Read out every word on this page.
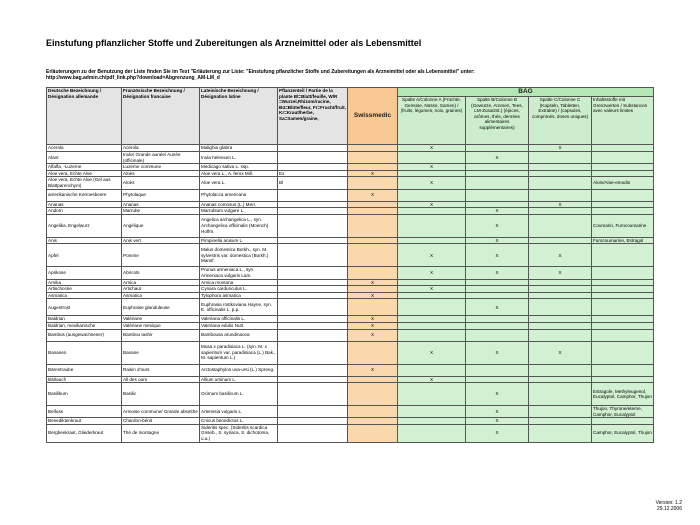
Einstufung pflanzlicher Stoffe und Zubereitungen als Arzneimittel oder als Lebensmittel
Erläuterungen zu der Benutzung der Liste finden Sie im Text "Erläuterung zur Liste: "Einstufung pflanzlicher Stoffe und Zubereitungen als Arzneimittel oder als Lebensmittel" unter:
http://www.bag.admin.ch/pdf_link.php?download=Abgrenzung_AM-LM_d
Deutsche Bezeichnung / Désignation allemande	Französische Bezeichnung / Désignation francaise	Lateinische Bezeichnung / Désignation latine	Pflanzenteil / Partie de la plante Bl=Blatt/feuille, W/R =Wurzel,Rhizom/racine, Bü=Blüte/fleur, Fr=Frucht/fruit, Kr=Kraut/herbe, Sa=Samen/graine,	Swissmedic	BAG			
					Spalte A/Colonne A (Früchte, Gemüse, Nüsse, Samen) / (fruits, légumes, noix, graines)	Spalte B/Colonne B (Gewürze, Aromen, Tees, LM-Zusatzst.) (épices, arômes, thés, denrées alimentaires supplémentaires)	Spalte C/Colonne C (Kapseln, Tabletten, Extrakte) / (capsules, comprimés, doses uniques)	Inhaltsstoffe mit Grenzwerten / Substances avec valeurs limites
Acerola	Acérola	Malighia glabra			X		X	
Alant	Inule/ Grande aunée/ Aunée (officinale)	Inula helenium L.				X		
Alfalfa, -Luzerne	Luzerne commune	Medicago sativa L. ssp.			X			
Aloe vera, Echte Aloe	Aloès	Aloe vera L., A. ferox Mill.	Ex	X				
Aloe vera, Echte Aloe (Gel aus Blattparenchym)	Aloès	Aloe vera L.	Bl		X			Aloin/Aloe-emodin
amerikanische Kermesbeere	Phytolaque	Phytolacca americana		X				
Ananas	Ananas	Ananas comosus (L.) Merr.			X		X	
Andorn	Marrube	Marrubium vulgare L.				X		
Angelika, Engelwurz	Angélique	Angelica archangelica L., syn. Archangelica officinalis (Moench) Hoffm.				X		Coumarin, Furocoumarine
Anis	Anis vert	Pimpinella anisum L.				X		Furocoumarine, Estragol
Apfel	Pomme	Malus domestica Borkh., syn. M. sylvestris var. domestica (Borkh.) Mansf.			X	X	X	
Aprikose	Abricots	Prunus armeniaca L., syn. Armeniaca vulgaris Lam.			X	X	X	
Arnika	Arnica	Arnica montana		X				
Artischocke	Artichaut	Cynara cardunculus L.			X			
Asmatica	Asmatica	Tylophora asmatica		X				
Augentrost	Euphraise glanduleuse	Euphrasia rostkoviana Hayne, syn. E. officinalis L. p.p.				X		
Baldrian	Valériane	Valeriana officinalis L.		X				
Baldrian, mexikanische	Valériane mexique	Valeriana edulis Nutt.		X				
Bambus (ausgewachsener)	Bambou tashir	Bambousa arundinacea		X				
Bananen	Banane	Musa x paradisiaca L. (syn. M. x sapientum var. paradisiaca (L.) Bak., M. sapientum L.)			X	X	X	
Bärentraube	Raisin d'ours	Arctostaphylos uva-ursi (L.) Spreng.		X				
Bärlauch	All des ours	Allium ursinum L.			X			
Basilikum	Basilic	Ocimum basilicum L.				X		Estragole, Methyleugenol, Eucalyptol, Camphor, Thujon
Beifuss	Armoise commune/ Grande absinthe	Artemisia vulgaris L.				X		Thujon, Thyrone/eterne, Camphor, Eucalyptol
Benediktenkraut	Chardon-bénit	Cnicus benedictus L.				X		
Bergbeekraut, Gliederkraut	Thé de montagne	Sideritis spec. (Sideritis scardica Griseb., S. syriaca, S. dichotoma, u.a.)				X		Camphor, Eucalyptol, Thujon
Version: 1.2
29.12.2006
